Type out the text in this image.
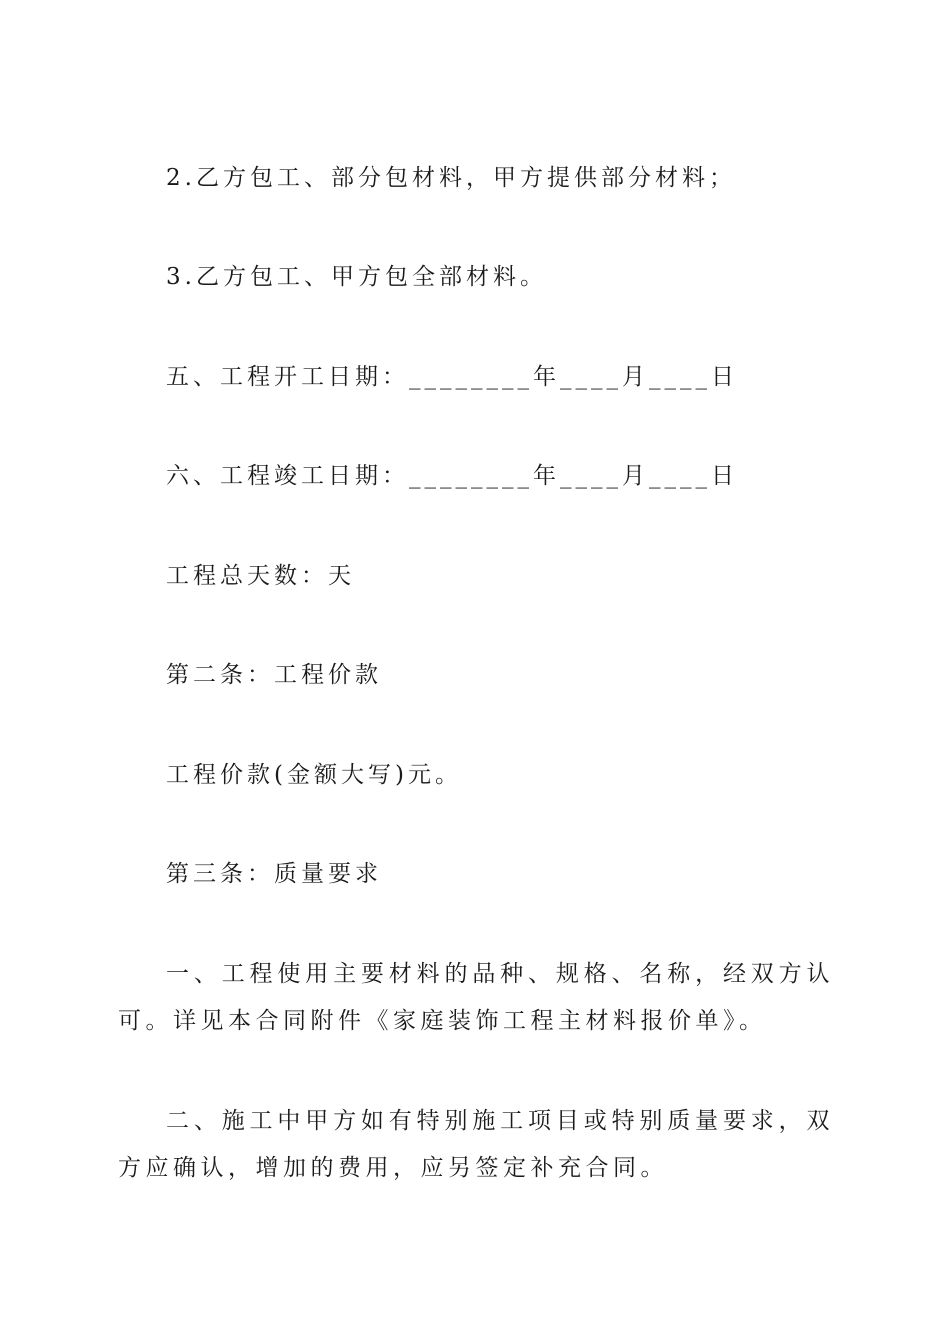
2.乙方包工、部分包材料，甲方提供部分材料；
3.乙方包工、甲方包全部材料。
五、工程开工日期：________年____月____日
六、工程竣工日期：________年____月____日
工程总天数：天
第二条：工程价款
工程价款(金额大写)元。
第三条：质量要求
一、工程使用主要材料的品种、规格、名称，经双方认可。详见本合同附件《家庭装饰工程主材料报价单》。
二、施工中甲方如有特别施工项目或特别质量要求，双方应确认，增加的费用，应另签定补充合同。
